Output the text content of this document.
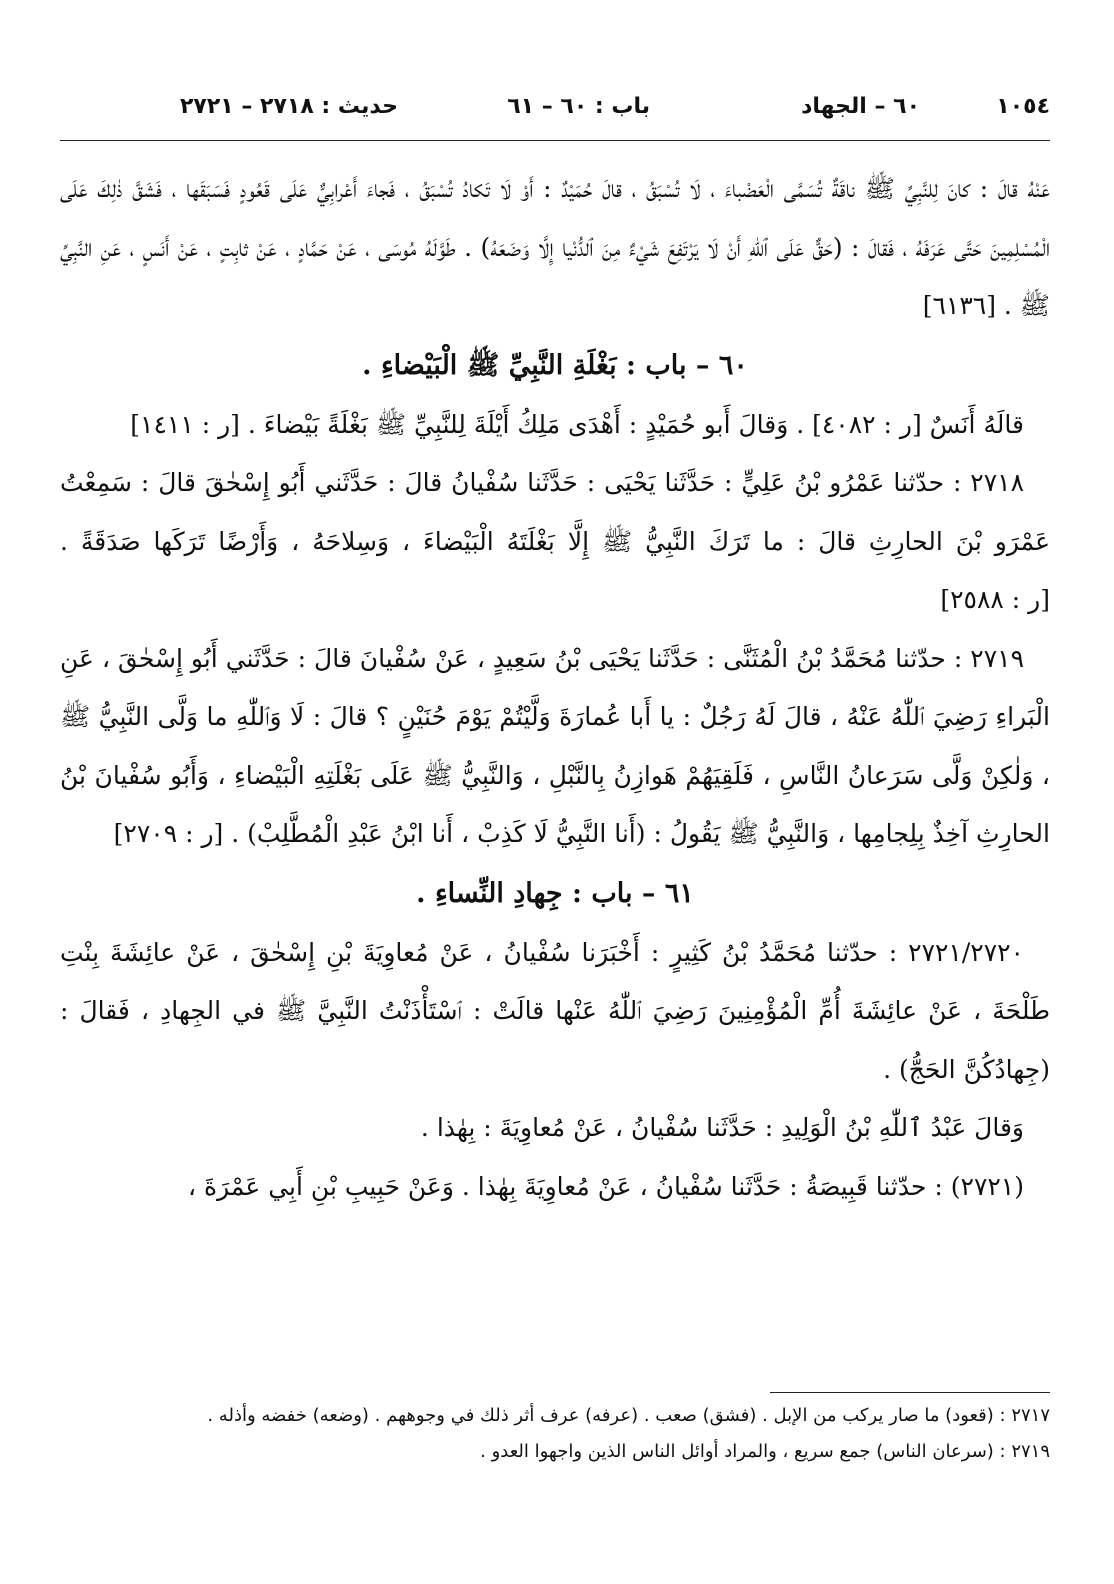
١٠٥٤
٦٠ – الجهاد
باب : ٦٠ – ٦١
حديث : ٢٧١٨ – ٢٧٢١

عَنْهُ قالَ : كانَ لِلنَّبِيِّ ﷺ ناقَةٌ تُسَمَّى الْعَضْباءَ ، لَا تُسْبَقُ ، قالَ حُمَيْدٌ : أَوْ لَا تَكادُ تُسْبَقُ ، فَجاءَ أَعْرابِيٌّ عَلَى قَعُودٍ فَسَبَقَها ، فَشَقَّ ذٰلِكَ عَلَى الْمُسْلِمِينَ حَتَّى عَرَفَهُ ، فَقالَ : (حَقٌّ عَلَى ٱللّٰهِ أَنْ لَا يَرْتَفِعَ شَيْءٌ مِنَ ٱلدُّنْيا إِلَّا وَضَعَهُ) . طَوَّلَهُ مُوسَى ، عَنْ حَمَّادٍ ، عَنْ ثابِتٍ ، عَنْ أَنَسٍ ، عَنِ النَّبِيِّ ﷺ . [٦١٣٦]

٦٠ – باب : بَغْلَةِ النَّبِيِّ ﷺ الْبَيْضاءِ .

قالَهُ أَنَسٌ [ر : ٤٠٨٢] . وَقالَ أَبو حُمَيْدٍ : أَهْدَى مَلِكُ أَيْلَةَ لِلنَّبِيِّ ﷺ بَغْلَةً بَيْضاءَ . [ر : ١٤١١]

٢٧١٨ : حدّثنا عَمْرُو بْنُ عَلِيٍّ : حَدَّثَنا يَحْيَى : حَدَّثَنا سُفْيانُ قالَ : حَدَّثَني أَبُو إِسْحٰقَ قالَ : سَمِعْتُ عَمْرَو بْنَ الحارِثِ قالَ : ما تَرَكَ النَّبِيُّ ﷺ إِلَّا بَغْلَتَهُ الْبَيْضاءَ ، وَسِلاحَهُ ، وَأَرْضًا تَرَكَها صَدَقَةً . [ر : ٢٥٨٨]

٢٧١٩ : حدّثنا مُحَمَّدُ بْنُ الْمُثَنَّى : حَدَّثَنا يَحْيَى بْنُ سَعِيدٍ ، عَنْ سُفْيانَ قالَ : حَدَّثَني أَبُو إِسْحٰقَ ، عَنِ الْبَراءِ رَضِيَ ٱللّٰهُ عَنْهُ ، قالَ لَهُ رَجُلٌ : يا أَبا عُمارَةَ وَلَّيْتُمْ يَوْمَ حُنَيْنٍ ؟ قالَ : لَا وَٱللّٰهِ ما وَلَّى النَّبِيُّ ﷺ ، وَلٰكِنْ وَلَّى سَرَعانُ النَّاسِ ، فَلَقِيَهُمْ هَوازِنُ بِالنَّبْلِ ، وَالنَّبِيُّ ﷺ عَلَى بَغْلَتِهِ الْبَيْضاءِ ، وَأَبُو سُفْيانَ بْنُ الحارِثِ آخِذٌ بِلِجامِها ، وَالنَّبِيُّ ﷺ يَقُولُ : (أَنا النَّبِيُّ لَا كَذِبْ ، أَنا ابْنُ عَبْدِ الْمُطَّلِبْ) . [ر : ٢٧٠٩]

٦١ – باب : جِهادِ النِّساءِ .

٢٧٢١/٢٧٢٠ : حدّثنا مُحَمَّدُ بْنُ كَثِيرٍ : أَخْبَرَنا سُفْيانُ ، عَنْ مُعاوِيَةَ بْنِ إِسْحٰقَ ، عَنْ عائِشَةَ بِنْتِ طَلْحَةَ ، عَنْ عائِشَةَ أُمِّ الْمُؤْمِنِينَ رَضِيَ ٱللّٰهُ عَنْها قالَتْ : ٱسْتَأْذَنْتُ النَّبِيَّ ﷺ في الجِهادِ ، فَقالَ : (جِهادُكُنَّ الحَجُّ) .

وَقالَ عَبْدُ ٱللّٰهِ بْنُ الْوَلِيدِ : حَدَّثَنا سُفْيانُ ، عَنْ مُعاوِيَةَ : بِهٰذا .

(٢٧٢١) : حدّثنا قَبِيصَةُ : حَدَّثَنا سُفْيانُ ، عَنْ مُعاوِيَةَ بِهٰذا . وَعَنْ حَبِيبِ بْنِ أَبِي عَمْرَةَ ،

٢٧١٧ : (قعود) ما صار يركب من الإبل . (فشق) صعب . (عرفه) عرف أثر ذلك في وجوههم . (وضعه) خفضه وأذله .

٢٧١٩ : (سرعان الناس) جمع سريع ، والمراد أوائل الناس الذين واجهوا العدو .
